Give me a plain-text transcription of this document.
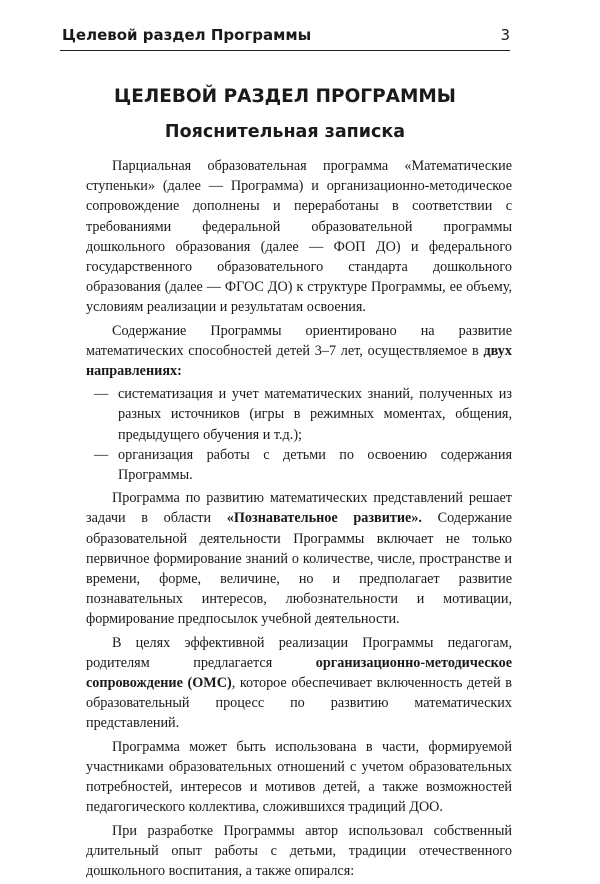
Целевой раздел Программы	3
ЦЕЛЕВОЙ РАЗДЕЛ ПРОГРАММЫ
Пояснительная записка

Парциальная образовательная программа «Математические ступеньки» (далее — Программа) и организационно-методическое сопровождение дополнены и переработаны в соответствии с требованиями федеральной образовательной программы дошкольного образования (далее — ФОП ДО) и федерального государственного образовательного стандарта дошкольного образования (далее — ФГОС ДО) к структуре Программы, ее объему, условиям реализации и результатам освоения.

Содержание Программы ориентировано на развитие математических способностей детей 3–7 лет, осуществляемое в двух направлениях:

— систематизация и учет математических знаний, полученных из разных источников (игры в режимных моментах, общения, предыдущего обучения и т.д.);
— организация работы с детьми по освоению содержания Программы.

Программа по развитию математических представлений решает задачи в области «Познавательное развитие». Содержание образовательной деятельности Программы включает не только первичное формирование знаний о количестве, числе, пространстве и времени, форме, величине, но и предполагает развитие познавательных интересов, любознательности и мотивации, формирование предпосылок учебной деятельности.

В целях эффективной реализации Программы педагогам, родителям предлагается организационно-методическое сопровождение (ОМС), которое обеспечивает включенность детей в образовательный процесс по развитию математических представлений.

Программа может быть использована в части, формируемой участниками образовательных отношений с учетом образовательных потребностей, интересов и мотивов детей, а также возможностей педагогического коллектива, сложившихся традиций ДОО.

При разработке Программы автор использовал собственный длительный опыт работы с детьми, традиции отечественного дошкольного воспитания, а также опирался:
